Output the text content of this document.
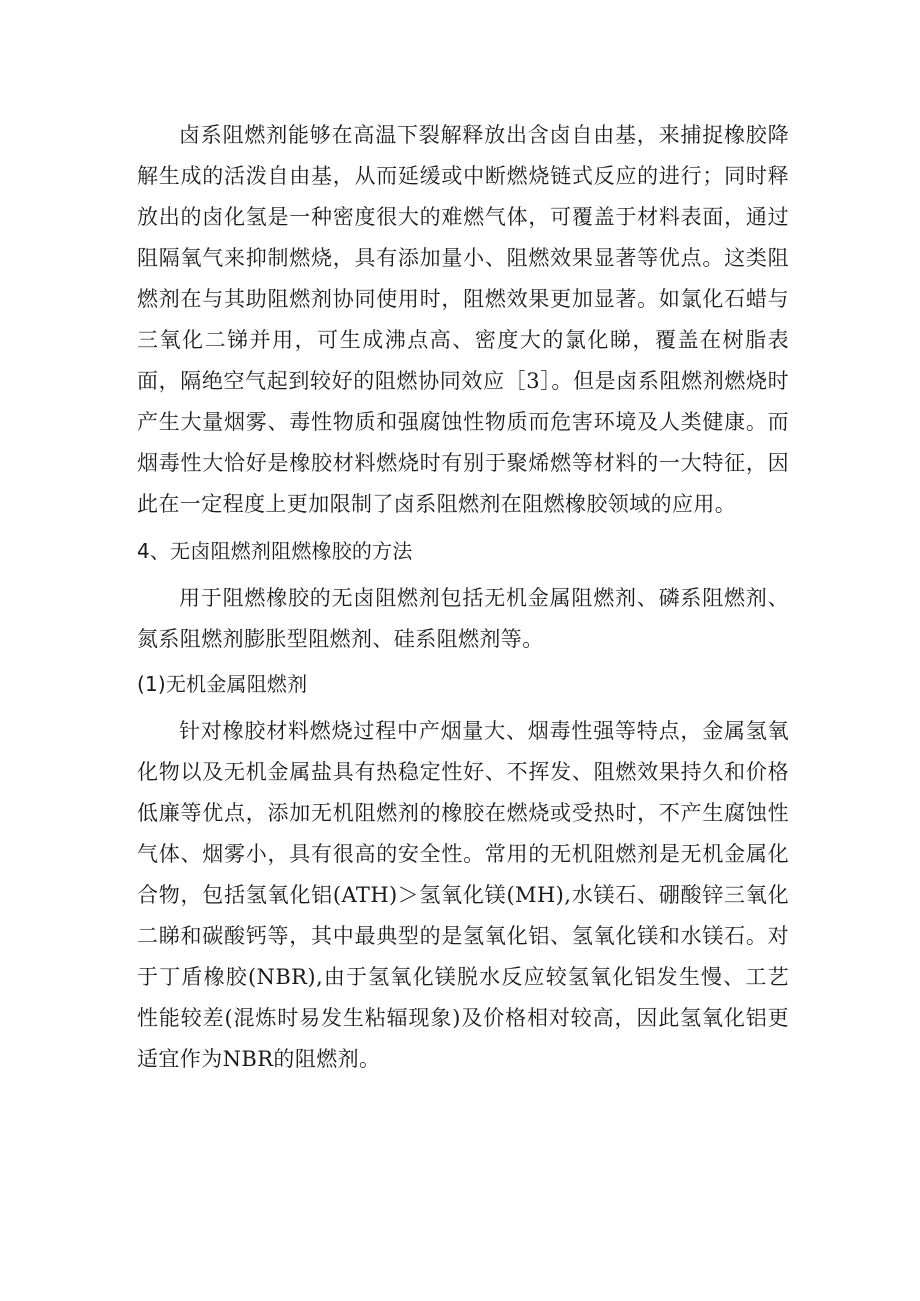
卤系阻燃剂能够在高温下裂解释放出含卤自由基，来捕捉橡胶降解生成的活泼自由基，从而延缓或中断燃烧链式反应的进行；同时释放出的卤化氢是一种密度很大的难燃气体，可覆盖于材料表面，通过阻隔氧气来抑制燃烧，具有添加量小、阻燃效果显著等优点。这类阻燃剂在与其助阻燃剂协同使用时，阻燃效果更加显著。如氯化石蜡与三氧化二锑并用，可生成沸点高、密度大的氯化睇，覆盖在树脂表面，隔绝空气起到较好的阻燃协同效应［3］。但是卤系阻燃剂燃烧时产生大量烟雾、毒性物质和强腐蚀性物质而危害环境及人类健康。而烟毒性大恰好是橡胶材料燃烧时有别于聚烯燃等材料的一大特征，因此在一定程度上更加限制了卤系阻燃剂在阻燃橡胶领域的应用。

4、无卤阻燃剂阻燃橡胶的方法

用于阻燃橡胶的无卤阻燃剂包括无机金属阻燃剂、磷系阻燃剂、氮系阻燃剂膨胀型阻燃剂、硅系阻燃剂等。

(1)无机金属阻燃剂

针对橡胶材料燃烧过程中产烟量大、烟毒性强等特点，金属氢氧化物以及无机金属盐具有热稳定性好、不挥发、阻燃效果持久和价格低廉等优点，添加无机阻燃剂的橡胶在燃烧或受热时，不产生腐蚀性气体、烟雾小，具有很高的安全性。常用的无机阻燃剂是无机金属化合物，包括氢氧化铝(ATH)＞氢氧化镁(MH),水镁石、硼酸锌三氧化二睇和碳酸钙等，其中最典型的是氢氧化铝、氢氧化镁和水镁石。对于丁盾橡胶(NBR),由于氢氧化镁脱水反应较氢氧化铝发生慢、工艺性能较差(混炼时易发生粘辐现象)及价格相对较高，因此氢氧化铝更适宜作为NBR的阻燃剂。
